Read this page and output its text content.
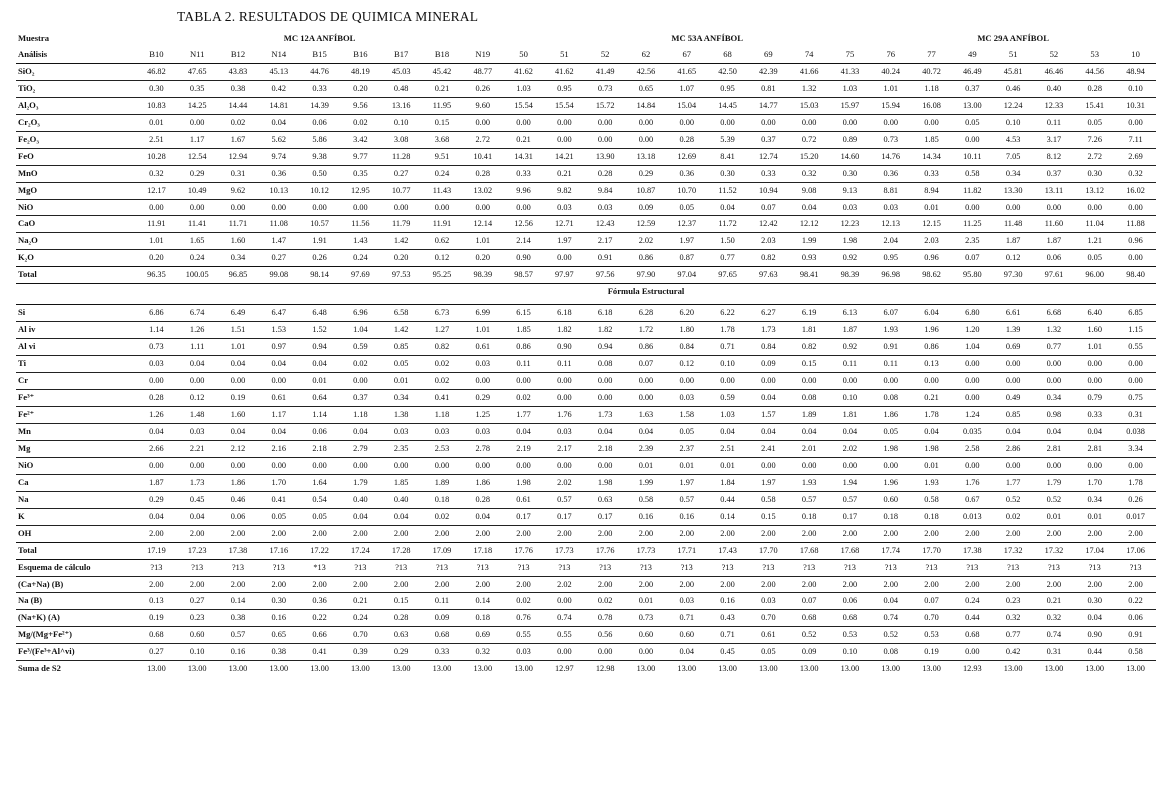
TABLA 2. RESULTADOS DE QUIMICA MINERAL
Muestra	MC 12A ANFÍBOL									MC 53A ANFÍBOL										MC 29A ANFÍBOL					
Análisis	B10	N11	B12	N14	B15	B16	B17	B18	N19	50	51	52	62	67	68	69	74	75	76	77	49	51	52	53	10
SiO₂	46.82	47.65	43.83	45.13	44.76	48.19	45.03	45.42	48.77	41.62	41.62	41.49	42.56	41.65	42.50	42.39	41.66	41.33	40.24	40.72	46.49	45.81	46.46	44.56	48.94
TiO₂	0.30	0.35	0.38	0.42	0.33	0.20	0.48	0.21	0.26	1.03	0.95	0.73	0.65	1.07	0.95	0.81	1.32	1.03	1.01	1.18	0.37	0.46	0.40	0.28	0.10
Al₂O₃	10.83	14.25	14.44	14.81	14.39	9.56	13.16	11.95	9.60	15.54	15.54	15.72	14.84	15.04	14.45	14.77	15.03	15.97	15.94	16.08	13.00	12.24	12.33	15.41	10.31
Cr₂O₃	0.01	0.00	0.02	0.04	0.06	0.02	0.10	0.15	0.00	0.00	0.00	0.00	0.00	0.00	0.00	0.00	0.00	0.00	0.00	0.00	0.05	0.10	0.11	0.05	0.00
Fe₂O₃	2.51	1.17	1.67	5.62	5.86	3.42	3.08	3.68	2.72	0.21	0.00	0.00	0.00	0.28	5.39	0.37	0.72	0.89	0.73	1.85	0.00	4.53	3.17	7.26	7.11
FeO	10.28	12.54	12.94	9.74	9.38	9.77	11.28	9.51	10.41	14.31	14.21	13.90	13.18	12.69	8.41	12.74	15.20	14.60	14.76	14.34	10.11	7.05	8.12	2.72	2.69
MnO	0.32	0.29	0.31	0.36	0.50	0.35	0.27	0.24	0.28	0.33	0.21	0.28	0.29	0.36	0.30	0.33	0.32	0.30	0.36	0.33	0.58	0.34	0.37	0.30	0.32
MgO	12.17	10.49	9.62	10.13	10.12	12.95	10.77	11.43	13.02	9.96	9.82	9.84	10.87	10.70	11.52	10.94	9.08	9.13	8.81	8.94	11.82	13.30	13.11	13.12	16.02
NiO	0.00	0.00	0.00	0.00	0.00	0.00	0.00	0.00	0.00	0.00	0.03	0.03	0.09	0.05	0.04	0.07	0.04	0.03	0.03	0.01	0.00	0.00	0.00	0.00	0.00
CaO	11.91	11.41	11.71	11.08	10.57	11.56	11.79	11.91	12.14	12.56	12.71	12.43	12.59	12.37	11.72	12.42	12.12	12.23	12.13	12.15	11.25	11.48	11.60	11.04	11.88
Na₂O	1.01	1.65	1.60	1.47	1.91	1.43	1.42	0.62	1.01	2.14	1.97	2.17	2.02	1.97	1.50	2.03	1.99	1.98	2.04	2.03	2.35	1.87	1.87	1.21	0.96
K₂O	0.20	0.24	0.34	0.27	0.26	0.24	0.20	0.12	0.20	0.90	0.00	0.91	0.86	0.87	0.77	0.82	0.93	0.92	0.95	0.96	0.07	0.12	0.06	0.05	0.00
Total	96.35	100.05	96.85	99.08	98.14	97.69	97.53	95.25	98.39	98.57	97.97	97.56	97.90	97.04	97.65	97.63	98.41	98.39	96.98	98.62	95.80	97.30	97.61	96.00	98.40
	Fórmula Estructural																								

Si	6.86	6.74	6.49	6.47	6.48	6.96	6.58	6.73	6.99	6.15	6.18	6.18	6.28	6.20	6.22	6.27	6.19	6.13	6.07	6.04	6.80	6.61	6.68	6.40	6.85
Al iv	1.14	1.26	1.51	1.53	1.52	1.04	1.42	1.27	1.01	1.85	1.82	1.82	1.72	1.80	1.78	1.73	1.81	1.87	1.93	1.96	1.20	1.39	1.32	1.60	1.15
Al vi	0.73	1.11	1.01	0.97	0.94	0.59	0.85	0.82	0.61	0.86	0.90	0.94	0.86	0.84	0.71	0.84	0.82	0.92	0.91	0.86	1.04	0.69	0.77	1.01	0.55
Ti	0.03	0.04	0.04	0.04	0.04	0.02	0.05	0.02	0.03	0.11	0.11	0.08	0.07	0.12	0.10	0.09	0.15	0.11	0.11	0.13	0.00	0.00	0.00	0.00	0.00
Cr	0.00	0.00	0.00	0.00	0.01	0.00	0.01	0.02	0.00	0.00	0.00	0.00	0.00	0.00	0.00	0.00	0.00	0.00	0.00	0.00	0.00	0.00	0.00	0.00	0.00
Fe³⁺	0.28	0.12	0.19	0.61	0.64	0.37	0.34	0.41	0.29	0.02	0.00	0.00	0.00	0.03	0.59	0.04	0.08	0.10	0.08	0.21	0.00	0.49	0.34	0.79	0.75
Fe²⁺	1.26	1.48	1.60	1.17	1.14	1.18	1.38	1.18	1.25	1.77	1.76	1.73	1.63	1.58	1.03	1.57	1.89	1.81	1.86	1.78	1.24	0.85	0.98	0.33	0.31
Mn	0.04	0.03	0.04	0.04	0.06	0.04	0.03	0.03	0.03	0.04	0.03	0.04	0.04	0.05	0.04	0.04	0.04	0.04	0.05	0.04	0.035	0.04	0.04	0.04	0.038
Mg	2.66	2.21	2.12	2.16	2.18	2.79	2.35	2.53	2.78	2.19	2.17	2.18	2.39	2.37	2.51	2.41	2.01	2.02	1.98	1.98	2.58	2.86	2.81	2.81	3.34
NiO	0.00	0.00	0.00	0.00	0.00	0.00	0.00	0.00	0.00	0.00	0.00	0.00	0.01	0.01	0.01	0.00	0.00	0.00	0.00	0.01	0.00	0.00	0.00	0.00	0.00
Ca	1.87	1.73	1.86	1.70	1.64	1.79	1.85	1.89	1.86	1.98	2.02	1.98	1.99	1.97	1.84	1.97	1.93	1.94	1.96	1.93	1.76	1.77	1.79	1.70	1.78
Na	0.29	0.45	0.46	0.41	0.54	0.40	0.40	0.18	0.28	0.61	0.57	0.63	0.58	0.57	0.44	0.58	0.57	0.57	0.60	0.58	0.67	0.52	0.52	0.34	0.26
K	0.04	0.04	0.06	0.05	0.05	0.04	0.04	0.02	0.04	0.17	0.17	0.17	0.16	0.16	0.14	0.15	0.18	0.17	0.18	0.18	0.013	0.02	0.01	0.01	0.017
OH	2.00	2.00	2.00	2.00	2.00	2.00	2.00	2.00	2.00	2.00	2.00	2.00	2.00	2.00	2.00	2.00	2.00	2.00	2.00	2.00	2.00	2.00	2.00	2.00	2.00
Total	17.19	17.23	17.38	17.16	17.22	17.24	17.28	17.09	17.18	17.76	17.73	17.76	17.73	17.71	17.43	17.70	17.68	17.68	17.74	17.70	17.38	17.32	17.32	17.04	17.06
Esquema de cálculo	?13	?13	?13	?13	*13	?13	?13	?13	?13	?13	?13	?13	?13	?13	?13	?13	?13	?13	?13	?13	?13	?13	?13	?13	?13
(Ca+Na) (B)	2.00	2.00	2.00	2.00	2.00	2.00	2.00	2.00	2.00	2.00	2.02	2.00	2.00	2.00	2.00	2.00	2.00	2.00	2.00	2.00	2.00	2.00	2.00	2.00	2.00
Na (B)	0.13	0.27	0.14	0.30	0.36	0.21	0.15	0.11	0.14	0.02	0.00	0.02	0.01	0.03	0.16	0.03	0.07	0.06	0.04	0.07	0.24	0.23	0.21	0.30	0.22
(Na+K) (A)	0.19	0.23	0.38	0.16	0.22	0.24	0.28	0.09	0.18	0.76	0.74	0.78	0.73	0.71	0.43	0.70	0.68	0.68	0.74	0.70	0.44	0.32	0.32	0.04	0.06
Mg/(Mg+Fe²⁺)	0.68	0.60	0.57	0.65	0.66	0.70	0.63	0.68	0.69	0.55	0.55	0.56	0.60	0.60	0.71	0.61	0.52	0.53	0.52	0.53	0.68	0.77	0.74	0.90	0.91
Fe³/(Fe³+Al^vi)	0.27	0.10	0.16	0.38	0.41	0.39	0.29	0.33	0.32	0.03	0.00	0.00	0.00	0.04	0.45	0.05	0.09	0.10	0.08	0.19	0.00	0.42	0.31	0.44	0.58
Suma de S2	13.00	13.00	13.00	13.00	13.00	13.00	13.00	13.00	13.00	13.00	12.97	12.98	13.00	13.00	13.00	13.00	13.00	13.00	13.00	13.00	12.93	13.00	13.00	13.00	13.00
